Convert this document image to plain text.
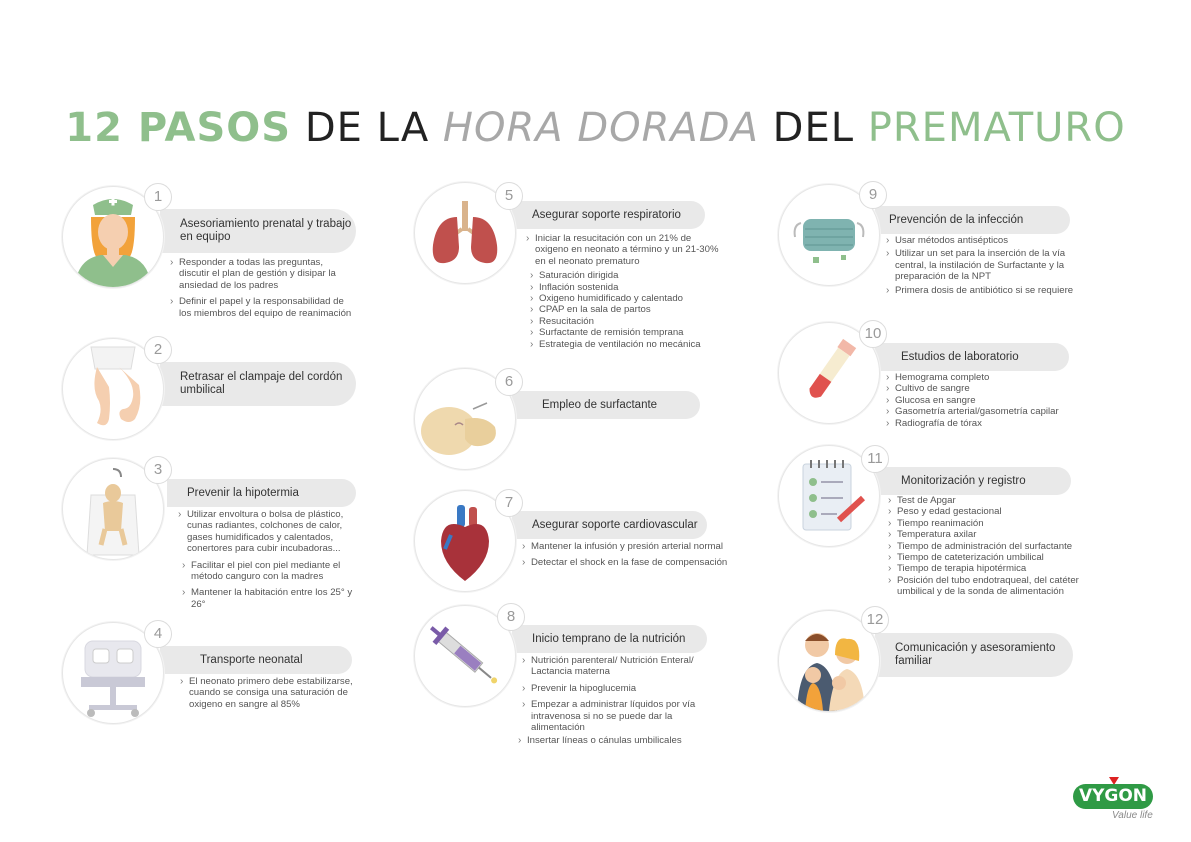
12 PASOS DE LA HORA DORADA DEL PREMATURO
Asesoriamiento prenatal y trabajo en equipo
1
› Responder a todas las preguntas, discutir el plan de gestión y disipar la ansiedad de los padres
› Definir el papel y la responsabilidad de los miembros del equipo de reanimación
Retrasar el clampaje del cordón umbilical
2
Prevenir la hipotermia
3
› Utilizar envoltura o bolsa de plástico, cunas radiantes, colchones de calor, gases humidificados y calentados, conertores para cubir incubadoras...
› Facilitar el piel con piel mediante el método canguro con la madres
› Mantener la habitación entre los 25° y 26°
Transporte neonatal
4
› El neonato primero debe estabilizarse, cuando se consiga una saturación de oxigeno en sangre al 85%
Asegurar soporte respiratorio
5
› Iniciar la resucitación con un 21% de oxigeno en neonato a término y un 21-30% en el neonato prematuro
› Saturación dirigida
› Inflación sostenida
› Oxigeno humidificado y calentado
› CPAP en la sala de partos
› Resucitación
› Surfactante de remisión temprana
› Estrategia de ventilación no mecánica
Empleo de surfactante
6
Asegurar soporte cardiovascular
7
› Mantener la infusión y presión arterial normal
› Detectar el shock en la fase de compensación
Inicio temprano de la nutrición
8
› Nutrición parenteral/ Nutrición Enteral/ Lactancia materna
› Prevenir la hipoglucemia
› Empezar a administrar líquidos por vía intravenosa si no se puede dar la alimentación
› Insertar líneas o cánulas umbilicales
Prevención de la infección
9
› Usar métodos antisépticos
› Utilizar un set para la inserción de la vía central, la instilación de Surfactante y la preparación de la NPT
› Primera dosis de antibiótico si se requiere
Estudios de laboratorio
10
› Hemograma completo
› Cultivo de sangre
› Glucosa en sangre
› Gasometría arterial/gasometría capilar
› Radiografía de tórax
Monitorización y registro
11
› Test de Apgar
› Peso y edad gestacional
› Tiempo reanimación
› Temperatura axilar
› Tiempo de administración del surfactante
› Tiempo de cateterización umbilical
› Tiempo de terapia hipotérmica
› Posición del tubo endotraqueal, del catéter umbilical y de la sonda de alimentación
Comunicación y asesoramiento familiar
12
VYGON
Value life
